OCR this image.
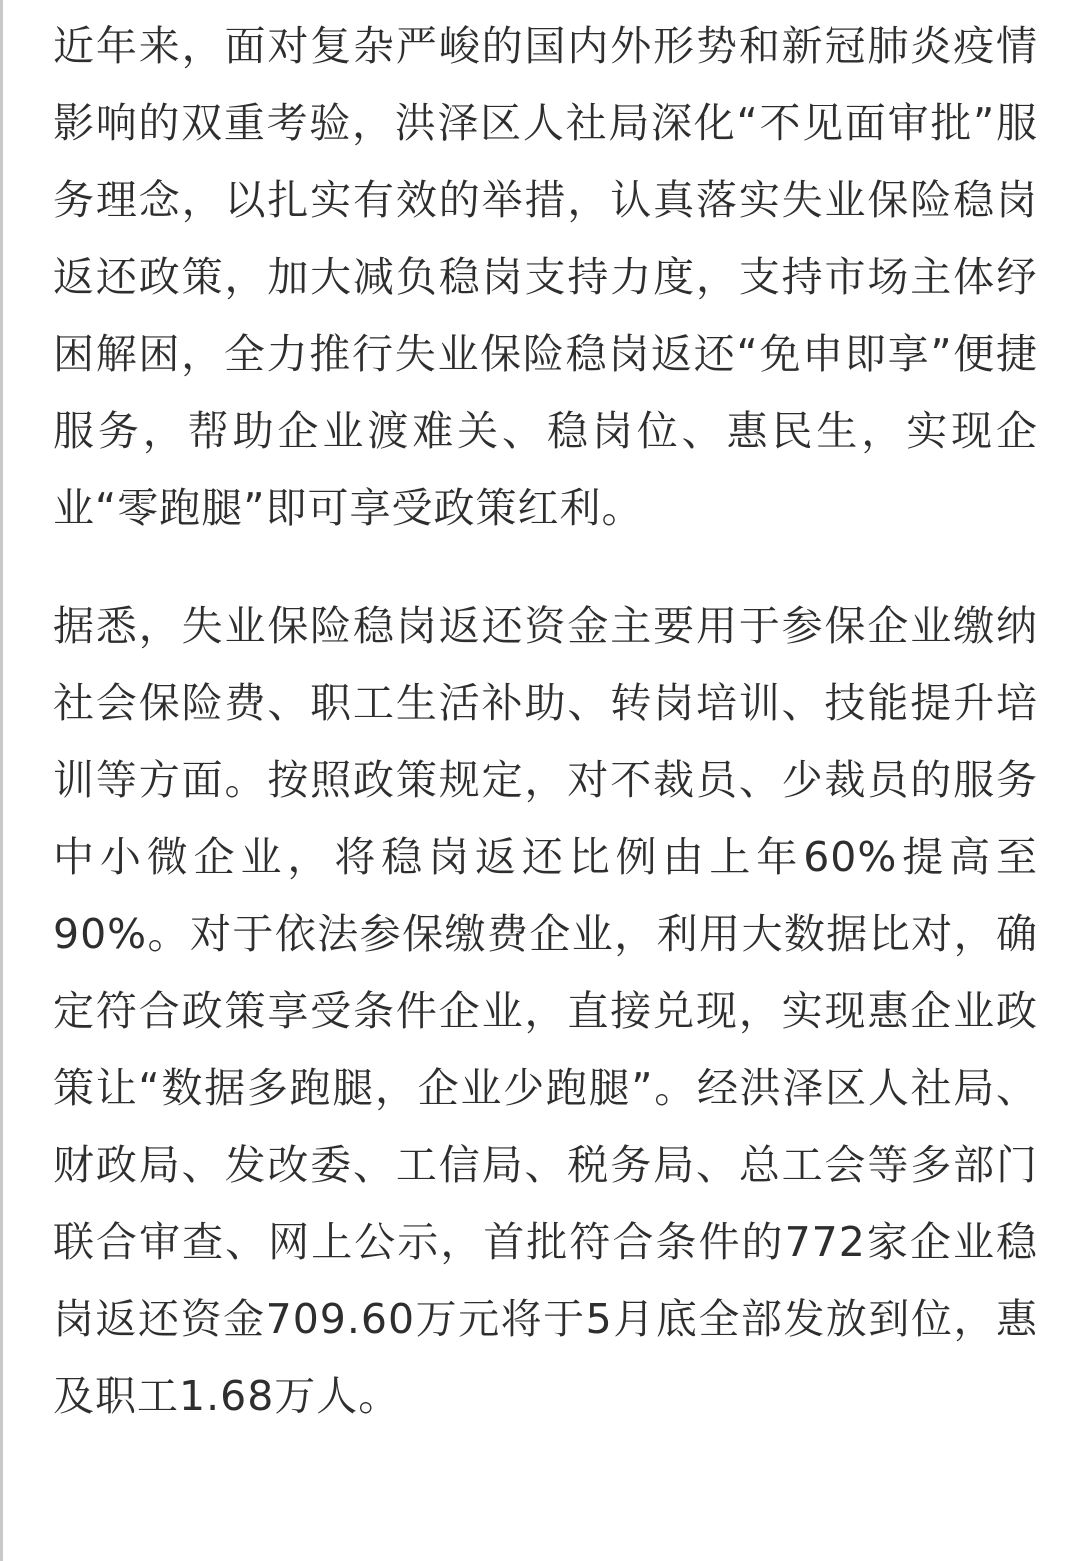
近年来，面对复杂严峻的国内外形势和新冠肺炎疫情影响的双重考验，洪泽区人社局深化“不见面审批”服务理念，以扎实有效的举措，认真落实失业保险稳岗返还政策，加大减负稳岗支持力度，支持市场主体纾困解困，全力推行失业保险稳岗返还“免申即享”便捷服务，帮助企业渡难关、稳岗位、惠民生，实现企业“零跑腿”即可享受政策红利。

据悉，失业保险稳岗返还资金主要用于参保企业缴纳社会保险费、职工生活补助、转岗培训、技能提升培训等方面。按照政策规定，对不裁员、少裁员的服务中小微企业，将稳岗返还比例由上年60%提高至90%。对于依法参保缴费企业，利用大数据比对，确定符合政策享受条件企业，直接兑现，实现惠企业政策让“数据多跑腿，企业少跑腿”。经洪泽区人社局、财政局、发改委、工信局、税务局、总工会等多部门联合审查、网上公示，首批符合条件的772家企业稳岗返还资金709.60万元将于5月底全部发放到位，惠及职工1.68万人。
